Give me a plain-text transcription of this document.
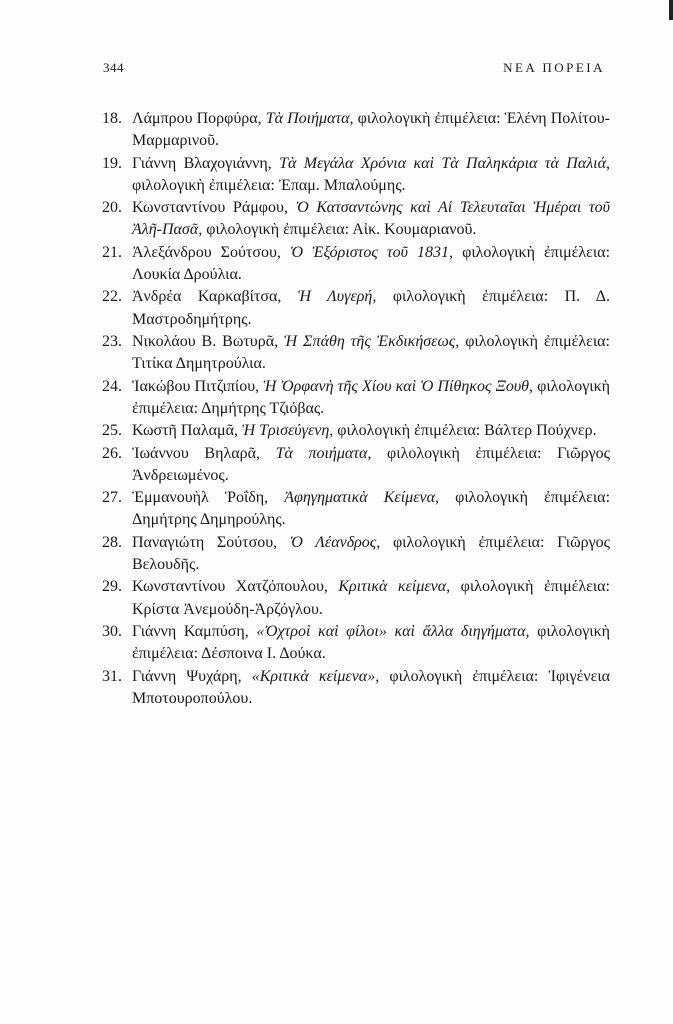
344	ΝΕΑ ΠΟΡΕΙΑ
18. Λάμπρου Πορφύρα, Τὰ Ποιήματα, φιλολογικὴ ἐπιμέλεια: Ἑλένη Πολίτου-Μαρμαρινοῦ.
19. Γιάννη Βλαχογιάννη, Τὰ Μεγάλα Χρόνια καὶ Τὰ Παληκάρια τὰ Παλιά, φιλολογικὴ ἐπιμέλεια: Ἐπαμ. Μπαλούμης.
20. Κωνσταντίνου Ράμφου, Ὁ Κατσαντώνης καὶ Αἱ Τελευταῖαι Ἡμέραι τοῦ Ἀλῆ-Πασᾶ, φιλολογικὴ ἐπιμέλεια: Αἰκ. Κουμαριανοῦ.
21. Ἀλεξάνδρου Σούτσου, Ὁ Ἐξόριστος τοῦ 1831, φιλολογικὴ ἐπιμέλεια: Λουκία Δρούλια.
22. Ἀνδρέα Καρκαβίτσα, Ἡ Λυγερή, φιλολογικὴ ἐπιμέλεια: Π. Δ. Μαστροδημήτρης.
23. Νικολάου Β. Βωτυρᾶ, Ἡ Σπάθη τῆς Ἐκδικήσεως, φιλολογικὴ ἐπιμέλεια: Τιτίκα Δημητρούλια.
24. Ἰακώβου Πιτζιπίου, Ἡ Ὀρφανὴ τῆς Χίου καὶ Ὁ Πίθηκος Ξουθ, φιλολογικὴ ἐπιμέλεια: Δημήτρης Τζιόβας.
25. Κωστῆ Παλαμᾶ, Ἡ Τρισεύγενη, φιλολογικὴ ἐπιμέλεια: Βάλτερ Πούχνερ.
26. Ἰωάννου Βηλαρᾶ, Τὰ ποιήματα, φιλολογικὴ ἐπιμέλεια: Γιῶργος Ἀνδρειωμένος.
27. Ἐμμανουὴλ Ῥοΐδη, Ἀφηγηματικὰ Κείμενα, φιλολογικὴ ἐπιμέλεια: Δημήτρης Δημηρούλης.
28. Παναγιώτη Σούτσου, Ὁ Λέανδρος, φιλολογικὴ ἐπιμέλεια: Γιῶργος Βελουδῆς.
29. Κωνσταντίνου Χατζόπουλου, Κριτικὰ κείμενα, φιλολογικὴ ἐπιμέλεια: Κρίστα Ἀνεμούδη-Ἀρζόγλου.
30. Γιάννη Καμπύση, «Ὀχτροὶ καὶ φίλοι» καὶ ἄλλα διηγήματα, φιλολογικὴ ἐπιμέλεια: Δέσποινα Ι. Δούκα.
31. Γιάννη Ψυχάρη, «Κριτικὰ κείμενα», φιλολογικὴ ἐπιμέλεια: Ἰφιγένεια Μποτουροπούλου.
